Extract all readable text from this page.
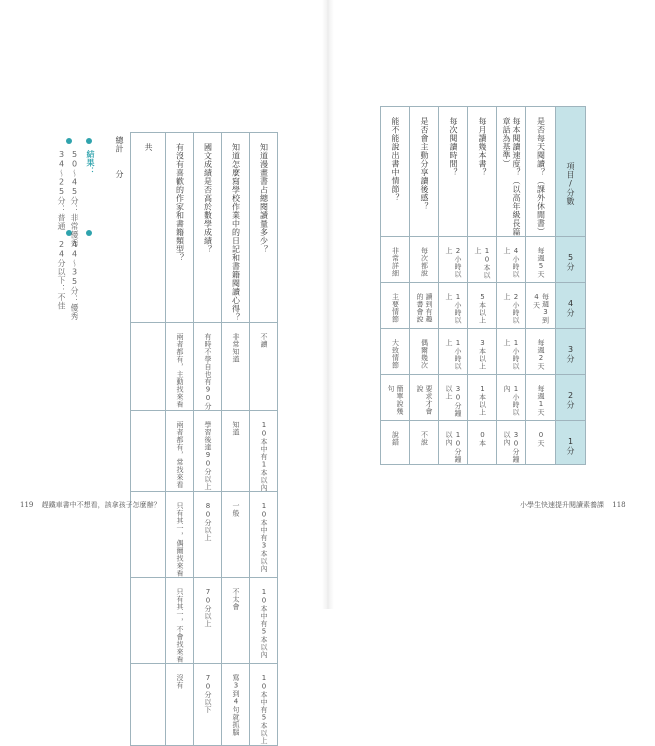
結果：
50～45分：非常優秀
34～25分：普通
44～35分：優秀
24分以下：不佳
總計　　分	共	有沒有喜歡的作家和書籍類型？	國文成績是否高於數學成績？	知道怎麼寫學校作業中的日記和書籍閱讀心得？	知道漫畫書占總閱讀量多少？

	兩者都有，主動找來看	有時不學自也有90分	非常知道	不讀

	兩者都有，常找來看	學習後達90分以上	知道	10本中有1本以內

	只有其一，偶爾找來看	80分以上	一般	10本中有3本以內

	只有其一，不會找來看	70分以上	不太會	10本中有5本以內

	沒有	70分以下	寫3到4句就抓腦	10本中有5本以上
119 趕鐵車書中不想看，該拿孩子怎麼辦？
能不能說出書中情節？	是否會主動分享讀後感？	每次閱讀時間？	每月讀幾本書？	每本閱讀速度？（以高年級長篇章話為基準）	是否每天閱讀？（課外休閒書）	項目/分數

非常詳細	每次都說	2小時以上	10本以上	4小時以上	每週5天	5分

主要情節	讀到有趣的書會說	1小時以上	5本以上	2小時以上	每週3到4天	4分

大致情節	偶爾幾次	1小時以上	3本以上	1小時以上	每週2天	3分

簡單說幾句	要求才會說	30分鐘以上	1本以上	1小時以內	每週1天	2分

說錯	不說	10分鐘以內	0本	30分鐘以內	0天	1分
小學生快速提升閱讀素養課 118
